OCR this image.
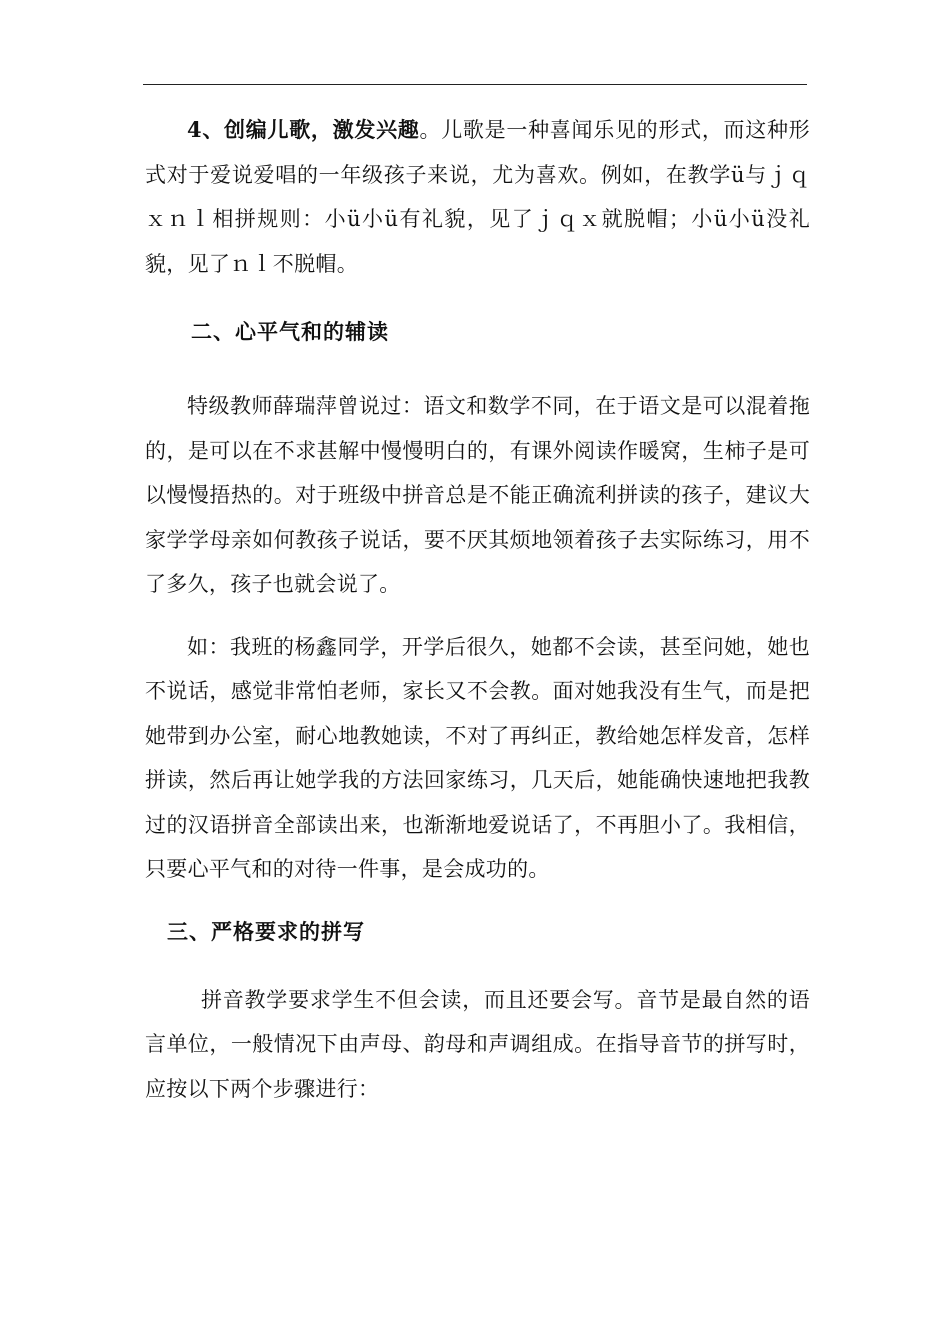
4、创编儿歌，激发兴趣。儿歌是一种喜闻乐见的形式，而这种形式对于爱说爱唱的一年级孩子来说，尤为喜欢。例如，在教学ü与ｊｑｘｎｌ相拼规则：小ü小ü有礼貌，见了ｊｑｘ就脱帽；小ü小ü没礼貌，见了ｎｌ不脱帽。

二、心平气和的辅读

特级教师薛瑞萍曾说过：语文和数学不同，在于语文是可以混着拖的，是可以在不求甚解中慢慢明白的，有课外阅读作暖窝，生柿子是可以慢慢捂热的。对于班级中拼音总是不能正确流利拼读的孩子，建议大家学学母亲如何教孩子说话，要不厌其烦地领着孩子去实际练习，用不了多久，孩子也就会说了。

如：我班的杨鑫同学，开学后很久，她都不会读，甚至问她，她也不说话，感觉非常怕老师，家长又不会教。面对她我没有生气，而是把她带到办公室，耐心地教她读，不对了再纠正，教给她怎样发音，怎样拼读，然后再让她学我的方法回家练习，几天后，她能确快速地把我教过的汉语拼音全部读出来，也渐渐地爱说话了，不再胆小了。我相信，只要心平气和的对待一件事，是会成功的。

三、严格要求的拼写

拼音教学要求学生不但会读，而且还要会写。音节是最自然的语言单位，一般情况下由声母、韵母和声调组成。在指导音节的拼写时，应按以下两个步骤进行：
